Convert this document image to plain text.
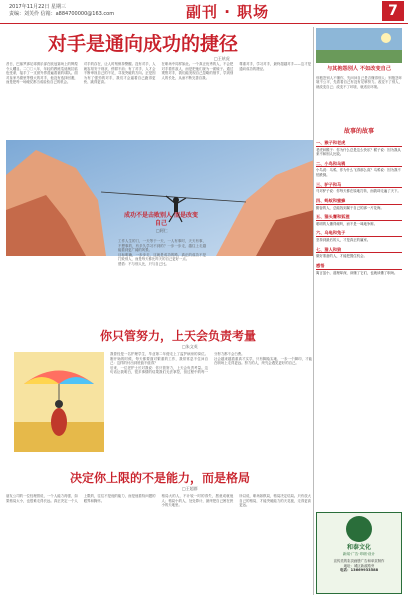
2017年11月22日 星期三
责编：刘芙伶 信箱：a884700000@163.com	副刊 · 职场	7
对手是通向成功的捷径
□王炫虎

昔日，巴塞罗那足球俱乐部在欧冠赛场上的辉煌令人瞩目。二〇〇八年，年轻的教练瓜迪奥拉临危受命，接手了一支被外界普遍看衰的球队。面对皇家马德里等强大的对手，他没有选择回避，而是把每一场硬仗都当成检验自己的机会。

对手的存在，让人时刻保持警醒。没有对手，人就容易安于现状，停滞不前；有了对手，人才会不断审视自己的不足，寻找突破的方向。正是因为有了强劲的对手，我们才会逼着自己跑得更快、跳得更高。

在职场中同样如此。一个真正优秀的人，不会把对手看作敌人，而是把他们视为一面镜子。通过观察对手，我们能发现自己忽略的细节，学到别人的长处，从而不断完善自我。

尊重对手，学习对手，最终超越对手——这才是通向成功的捷径。

成功不是击败别人 而是改变自己
□阿仁

工作人生的门，一天等于一天，一人有事时，天天有事，不想事的，有多久学习不到的？一步一步走，越往上走越能看到更广阔的风景。

目标明确，一步步走，这就是成功的路。真正的成功不是打败别人，而是每天都比昨天的自己更好一点。

感悟：不与别人比，只与自己比。

你只管努力，上天会负责考量
□朱文英

我曾经是一名护理学生，毕业第二年便走上了监护病房的岗位。刚开始的时候，每天都要面对繁重的工作，我常常忍不住问自己：这样的付出到底值不值得？

后来，一位老护士长对我说：你只管努力，上天会负责考量。这句话让我明白，很多事情的结果我们无法掌控，但过程中的每一分努力都不会白费。

社会越来越看重真才实学，只有脚踏实地、一步一个脚印，才能在职场上走得更远。努力的人，终究会遇见更好的自己。

决定你上限的不是能力，而是格局
□王超群

朋友公司的一位经理曾说，一个人能力再强，如果格局太小，也很难走得长远。真正决定一个人上限的，往往不是他的能力，而是他看待问题的眼界和胸怀。

格局大的人，不计较一时的得失，愿意成就他人；格局小的人，处处算计，最终把自己困在狭小的天地里。

所以说，职场如棋局，格局决定结局。只有放大自己的格局，才能突破能力的天花板，走得更高更远。

与其抱怨别人 不如改变自己
别抱怨别人不懂你，先问问自己是否懂得别人；别抱怨环境不公平，先看看自己有没有足够努力。改变不了别人，就改变自己；改变不了环境，就适应环境。
故事的故事
一、猴子和老虎
老虎问猴子：你为什么总是这么快乐？猴子说：因为我从来不和别人比较。
二、小鸟和乌鸦
小鸟说：乌鸦，你为什么飞得那么高？乌鸦说：因为我不怕跌倒。
三、驴子和马
马对驴子说：你每天都在原地打转，而我却走遍了天下。
四、蚂蚁和蜜蜂
勤奋的人，总能找到属于自己的那一片花海。
五、猫头鹰和狐狸
聪明的人懂得倾听，而不是一味地争辩。
六、乌龟和兔子
坚持到最后的人，才是真正的赢家。
七、猎人和狼
做好准备的人，才能把握住机会。
感悟
寓言虽小，道理却深，读懂了它们，也就读懂了职场。
和泰文化
新闻·广告·印刷·设计
宣传类的彩页画册广告和单页制作
地址：城区新政路旁
电话：13669933588
